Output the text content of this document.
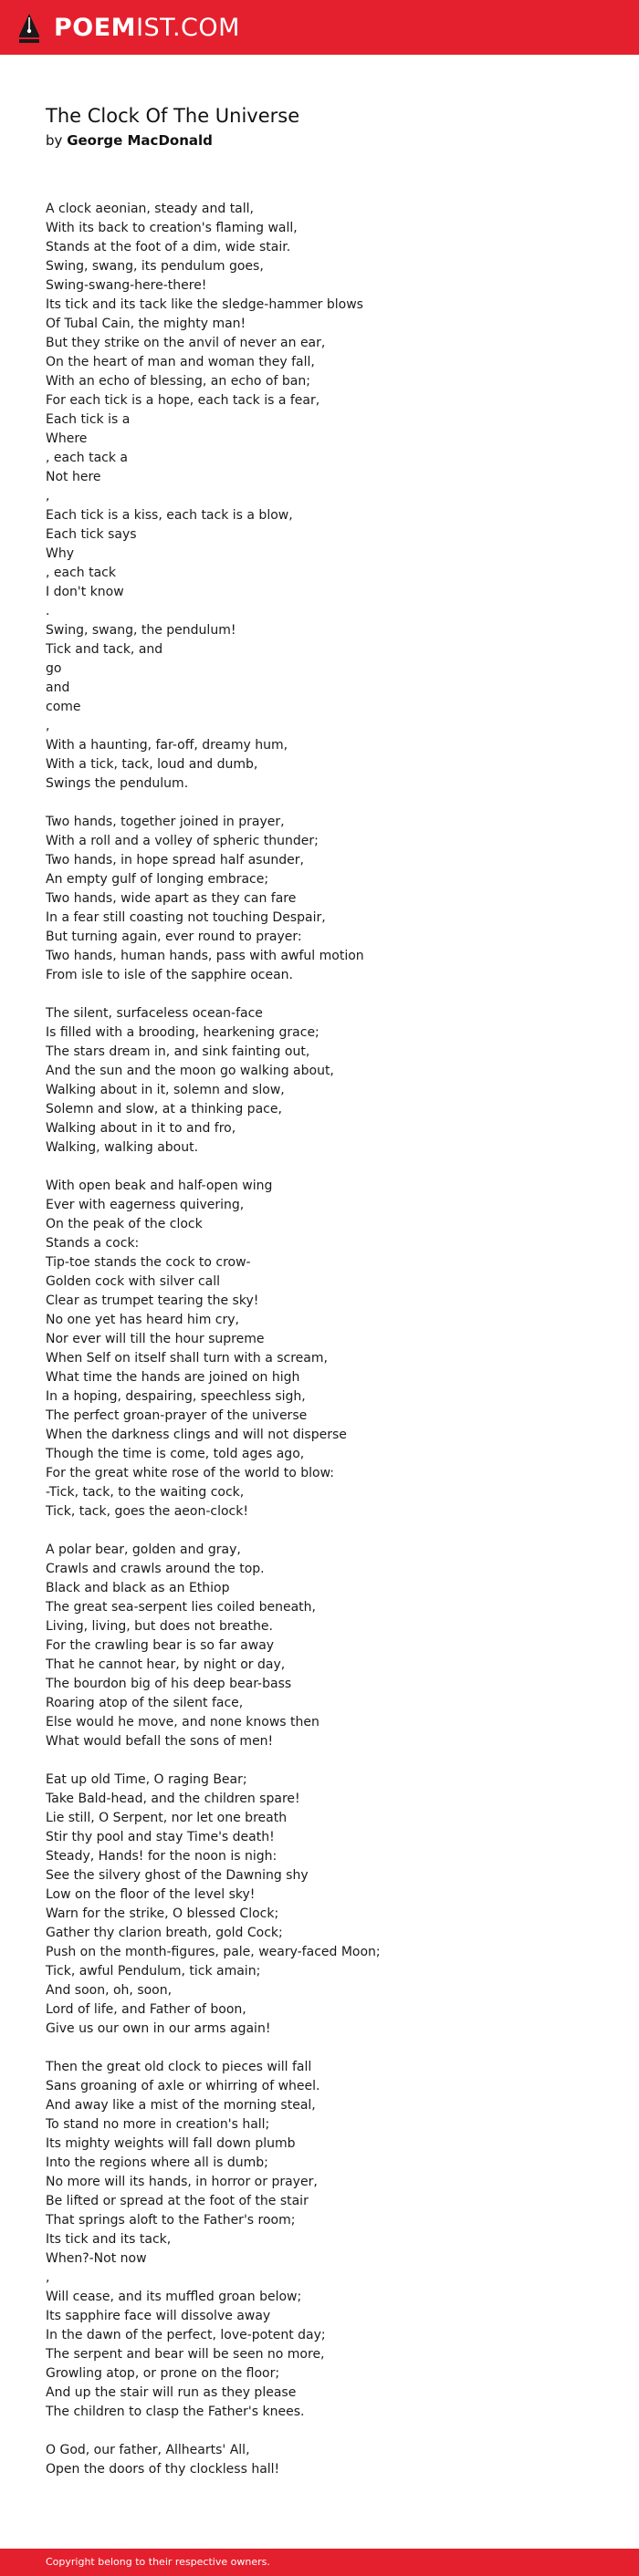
POEMIST.COM
The Clock Of The Universe
by George MacDonald
A clock aeonian, steady and tall,
With its back to creation's flaming wall,
Stands at the foot of a dim, wide stair.
Swing, swang, its pendulum goes,
Swing-swang-here-there!
Its tick and its tack like the sledge-hammer blows
Of Tubal Cain, the mighty man!
But they strike on the anvil of never an ear,
On the heart of man and woman they fall,
With an echo of blessing, an echo of ban;
For each tick is a hope, each tack is a fear,
Each tick is a
Where
, each tack a
Not here
,
Each tick is a kiss, each tack is a blow,
Each tick says
Why
, each tack
I don't know
.
Swing, swang, the pendulum!
Tick and tack, and
go
and
come
,
With a haunting, far-off, dreamy hum,
With a tick, tack, loud and dumb,
Swings the pendulum.
Two hands, together joined in prayer,
With a roll and a volley of spheric thunder;
Two hands, in hope spread half asunder,
An empty gulf of longing embrace;
Two hands, wide apart as they can fare
In a fear still coasting not touching Despair,
But turning again, ever round to prayer:
Two hands, human hands, pass with awful motion
From isle to isle of the sapphire ocean.
The silent, surfaceless ocean-face
Is filled with a brooding, hearkening grace;
The stars dream in, and sink fainting out,
And the sun and the moon go walking about,
Walking about in it, solemn and slow,
Solemn and slow, at a thinking pace,
Walking about in it to and fro,
Walking, walking about.
With open beak and half-open wing
Ever with eagerness quivering,
On the peak of the clock
Stands a cock:
Tip-toe stands the cock to crow-
Golden cock with silver call
Clear as trumpet tearing the sky!
No one yet has heard him cry,
Nor ever will till the hour supreme
When Self on itself shall turn with a scream,
What time the hands are joined on high
In a hoping, despairing, speechless sigh,
The perfect groan-prayer of the universe
When the darkness clings and will not disperse
Though the time is come, told ages ago,
For the great white rose of the world to blow:
-Tick, tack, to the waiting cock,
Tick, tack, goes the aeon-clock!
A polar bear, golden and gray,
Crawls and crawls around the top.
Black and black as an Ethiop
The great sea-serpent lies coiled beneath,
Living, living, but does not breathe.
For the crawling bear is so far away
That he cannot hear, by night or day,
The bourdon big of his deep bear-bass
Roaring atop of the silent face,
Else would he move, and none knows then
What would befall the sons of men!
Eat up old Time, O raging Bear;
Take Bald-head, and the children spare!
Lie still, O Serpent, nor let one breath
Stir thy pool and stay Time's death!
Steady, Hands! for the noon is nigh:
See the silvery ghost of the Dawning shy
Low on the floor of the level sky!
Warn for the strike, O blessed Clock;
Gather thy clarion breath, gold Cock;
Push on the month-figures, pale, weary-faced Moon;
Tick, awful Pendulum, tick amain;
And soon, oh, soon,
Lord of life, and Father of boon,
Give us our own in our arms again!
Then the great old clock to pieces will fall
Sans groaning of axle or whirring of wheel.
And away like a mist of the morning steal,
To stand no more in creation's hall;
Its mighty weights will fall down plumb
Into the regions where all is dumb;
No more will its hands, in horror or prayer,
Be lifted or spread at the foot of the stair
That springs aloft to the Father's room;
Its tick and its tack,
When?-Not now
,
Will cease, and its muffled groan below;
Its sapphire face will dissolve away
In the dawn of the perfect, love-potent day;
The serpent and bear will be seen no more,
Growling atop, or prone on the floor;
And up the stair will run as they please
The children to clasp the Father's knees.
O God, our father, Allhearts' All,
Open the doors of thy clockless hall!
Copyright belong to their respective owners.
